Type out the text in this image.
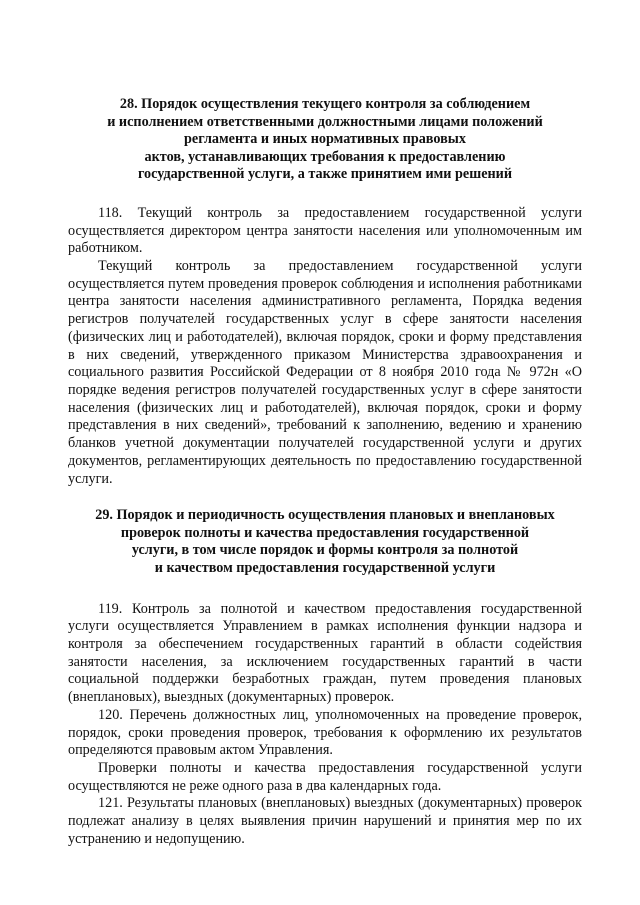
28. Порядок осуществления текущего контроля за соблюдением
и исполнением ответственными должностными лицами положений
регламента и иных нормативных правовых
актов, устанавливающих требования к предоставлению
государственной услуги, а также принятием ими решений

118. Текущий контроль за предоставлением государственной услуги осуществляется директором центра занятости населения или уполномоченным им работником.

Текущий контроль за предоставлением государственной услуги осуществляется путем проведения проверок соблюдения и исполнения работниками центра занятости населения административного регламента, Порядка ведения регистров получателей государственных услуг в сфере занятости населения (физических лиц и работодателей), включая порядок, сроки и форму представления в них сведений, утвержденного приказом Министерства здравоохранения и социального развития Российской Федерации от 8 ноября 2010 года № 972н «О порядке ведения регистров получателей государственных услуг в сфере занятости населения (физических лиц и работодателей), включая порядок, сроки и форму представления в них сведений», требований к заполнению, ведению и хранению бланков учетной документации получателей государственной услуги и других документов, регламентирующих деятельность по предоставлению государственной услуги.

29. Порядок и периодичность осуществления плановых и внеплановых
проверок полноты и качества предоставления государственной
услуги, в том числе порядок и формы контроля за полнотой
и качеством предоставления государственной услуги

119. Контроль за полнотой и качеством предоставления государственной услуги осуществляется Управлением в рамках исполнения функции надзора и контроля за обеспечением государственных гарантий в области содействия занятости населения, за исключением государственных гарантий в части социальной поддержки безработных граждан, путем проведения плановых (внеплановых), выездных (документарных) проверок.

120. Перечень должностных лиц, уполномоченных на проведение проверок, порядок, сроки проведения проверок, требования к оформлению их результатов определяются правовым актом Управления.

Проверки полноты и качества предоставления государственной услуги осуществляются не реже одного раза в два календарных года.

121. Результаты плановых (внеплановых) выездных (документарных) проверок подлежат анализу в целях выявления причин нарушений и принятия мер по их устранению и недопущению.
